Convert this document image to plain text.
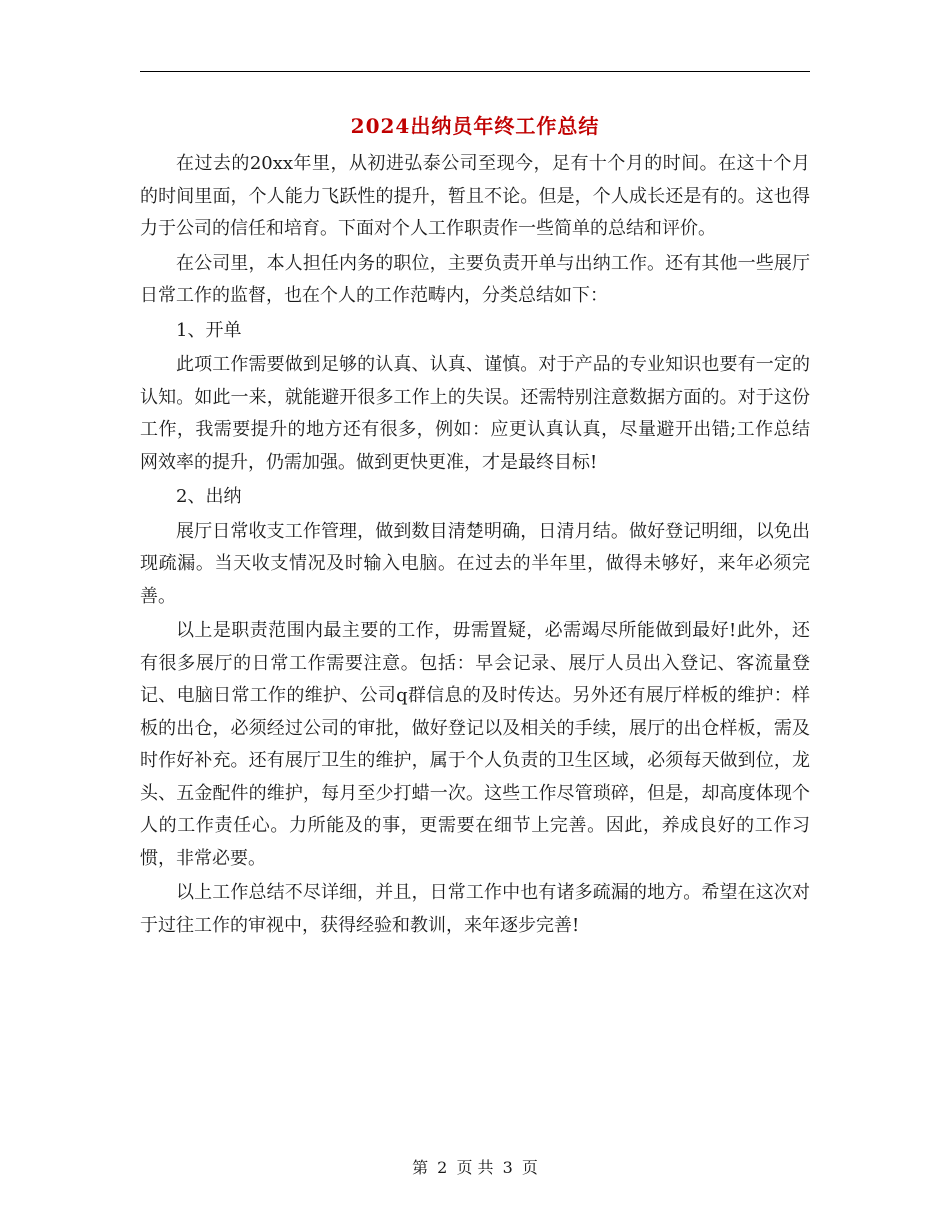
2024出纳员年终工作总结

在过去的20xx年里，从初进弘泰公司至现今，足有十个月的时间。在这十个月的时间里面，个人能力飞跃性的提升，暂且不论。但是，个人成长还是有的。这也得力于公司的信任和培育。下面对个人工作职责作一些简单的总结和评价。

在公司里，本人担任内务的职位，主要负责开单与出纳工作。还有其他一些展厅日常工作的监督，也在个人的工作范畴内，分类总结如下：

1、开单

此项工作需要做到足够的认真、认真、谨慎。对于产品的专业知识也要有一定的认知。如此一来，就能避开很多工作上的失误。还需特别注意数据方面的。对于这份工作，我需要提升的地方还有很多，例如：应更认真认真，尽量避开出错;工作总结网效率的提升，仍需加强。做到更快更准，才是最终目标!

2、出纳

展厅日常收支工作管理，做到数目清楚明确，日清月结。做好登记明细，以免出现疏漏。当天收支情况及时输入电脑。在过去的半年里，做得未够好，来年必须完善。

以上是职责范围内最主要的工作，毋需置疑，必需竭尽所能做到最好!此外，还有很多展厅的日常工作需要注意。包括：早会记录、展厅人员出入登记、客流量登记、电脑日常工作的维护、公司q群信息的及时传达。另外还有展厅样板的维护：样板的出仓，必须经过公司的审批，做好登记以及相关的手续，展厅的出仓样板，需及时作好补充。还有展厅卫生的维护，属于个人负责的卫生区域，必须每天做到位，龙头、五金配件的维护，每月至少打蜡一次。这些工作尽管琐碎，但是，却高度体现个人的工作责任心。力所能及的事，更需要在细节上完善。因此，养成良好的工作习惯，非常必要。

以上工作总结不尽详细，并且，日常工作中也有诸多疏漏的地方。希望在这次对于过往工作的审视中，获得经验和教训，来年逐步完善!

第 2 页 共 3 页
